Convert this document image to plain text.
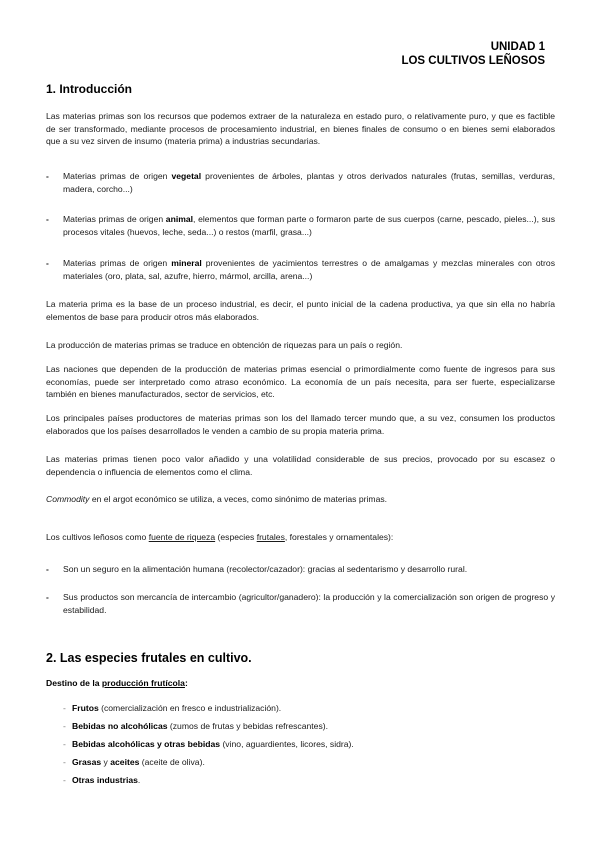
UNIDAD 1
LOS CULTIVOS LEÑOSOS
1. Introducción
Las materias primas son los recursos que podemos extraer de la naturaleza en estado puro, o relativamente puro, y que es factible de ser transformado, mediante procesos de procesamiento industrial, en bienes finales de consumo o en bienes semi elaborados que a su vez sirven de insumo (materia prima) a industrias secundarias.
-	Materias primas de origen vegetal provenientes de árboles, plantas y otros derivados naturales (frutas, semillas, verduras, madera, corcho...)
-	Materias primas de origen animal, elementos que forman parte o formaron parte de sus cuerpos (carne, pescado, pieles...), sus procesos vitales (huevos, leche, seda...) o restos (marfil, grasa...)
-	Materias primas de origen mineral provenientes de yacimientos terrestres o de amalgamas y mezclas minerales con otros materiales (oro, plata, sal, azufre, hierro, mármol, arcilla, arena...)
La materia prima es la base de un proceso industrial, es decir, el punto inicial de la cadena productiva, ya que sin ella no habría elementos de base para producir otros más elaborados.
La producción de materias primas se traduce en obtención de riquezas para un país o región.
Las naciones que dependen de la producción de materias primas esencial o primordialmente como fuente de ingresos para sus economías, puede ser interpretado como atraso económico. La economía de un país necesita, para ser fuerte, especializarse también en bienes manufacturados, sector de servicios, etc.
Los principales países productores de materias primas son los del llamado tercer mundo que, a su vez, consumen los productos elaborados que los países desarrollados le venden a cambio de su propia materia prima.
Las materias primas tienen poco valor añadido y una volatilidad considerable de sus precios, provocado por su escasez o dependencia o influencia de elementos como el clima.
Commodity en el argot económico se utiliza, a veces, como sinónimo de materias primas.
Los cultivos leñosos como fuente de riqueza (especies frutales, forestales y ornamentales):
-	Son un seguro en la alimentación humana (recolector/cazador): gracias al sedentarismo y desarrollo rural.
-	Sus productos son mercancía de intercambio (agricultor/ganadero): la producción y la comercialización son origen de progreso y estabilidad.
2. Las especies frutales en cultivo.
Destino de la producción frutícola:
- Frutos (comercialización en fresco e industrialización).
- Bebidas no alcohólicas (zumos de frutas y bebidas refrescantes).
- Bebidas alcohólicas y otras bebidas (vino, aguardientes, licores, sidra).
- Grasas y aceites (aceite de oliva).
- Otras industrias.
